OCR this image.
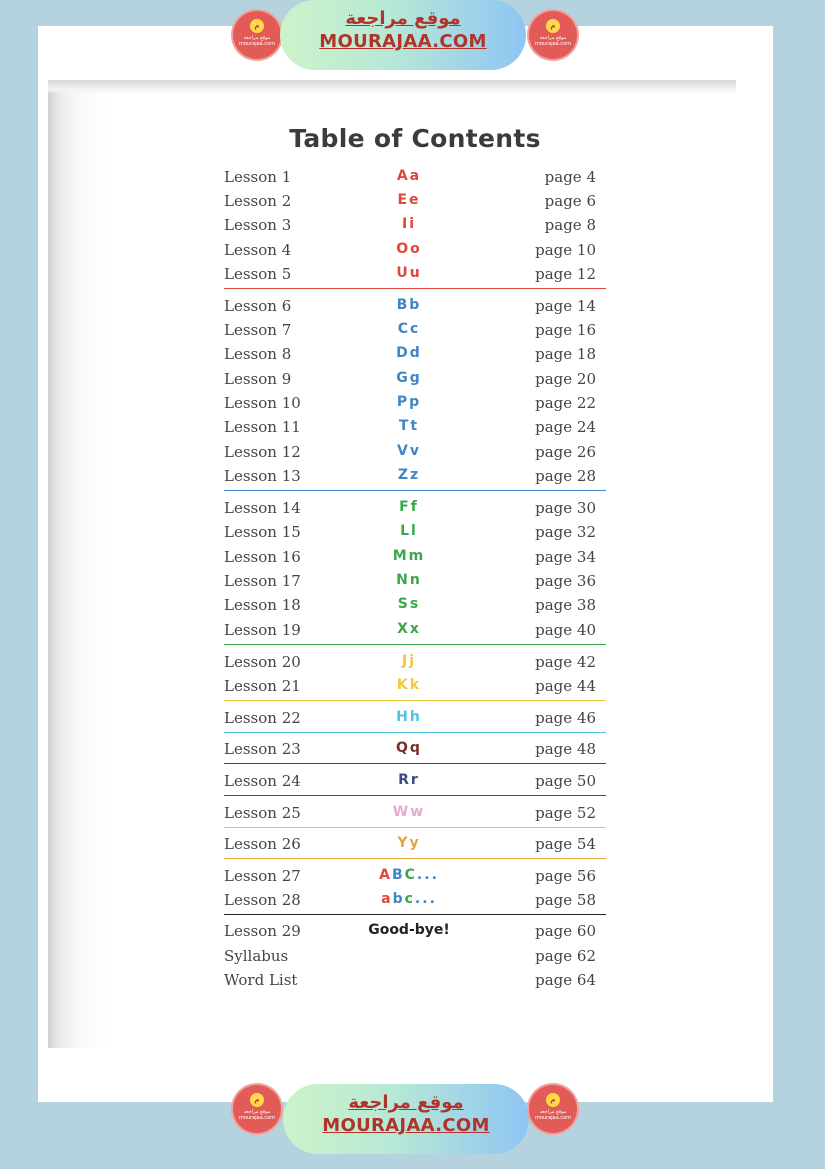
ﻡ
موقع مراجعة
mourajaa.com
موقع مراجعة
MOURAJAA.COM
ﻡ
موقع مراجعة
mourajaa.com
ﻡ
موقع مراجعة
mourajaa.com
موقع مراجعة
MOURAJAA.COM
ﻡ
موقع مراجعة
mourajaa.com
Table of Contents
Lesson 1	Aa	page 4
Lesson 2	Ee	page 6
Lesson 3	Ii	page 8
Lesson 4	Oo	page 10
Lesson 5	Uu	page 12
Lesson 6	Bb	page 14
Lesson 7	Cc	page 16
Lesson 8	Dd	page 18
Lesson 9	Gg	page 20
Lesson 10	Pp	page 22
Lesson 11	Tt	page 24
Lesson 12	Vv	page 26
Lesson 13	Zz	page 28
Lesson 14	Ff	page 30
Lesson 15	Ll	page 32
Lesson 16	Mm	page 34
Lesson 17	Nn	page 36
Lesson 18	Ss	page 38
Lesson 19	Xx	page 40
Lesson 20	Jj	page 42
Lesson 21	Kk	page 44
Lesson 22	Hh	page 46
Lesson 23	Qq	page 48
Lesson 24	Rr	page 50
Lesson 25	Ww	page 52
Lesson 26	Yy	page 54
Lesson 27	ABC...	page 56
Lesson 28	abc...	page 58
Lesson 29	Good-bye!	page 60
Syllabus	page 62
Word List	page 64
